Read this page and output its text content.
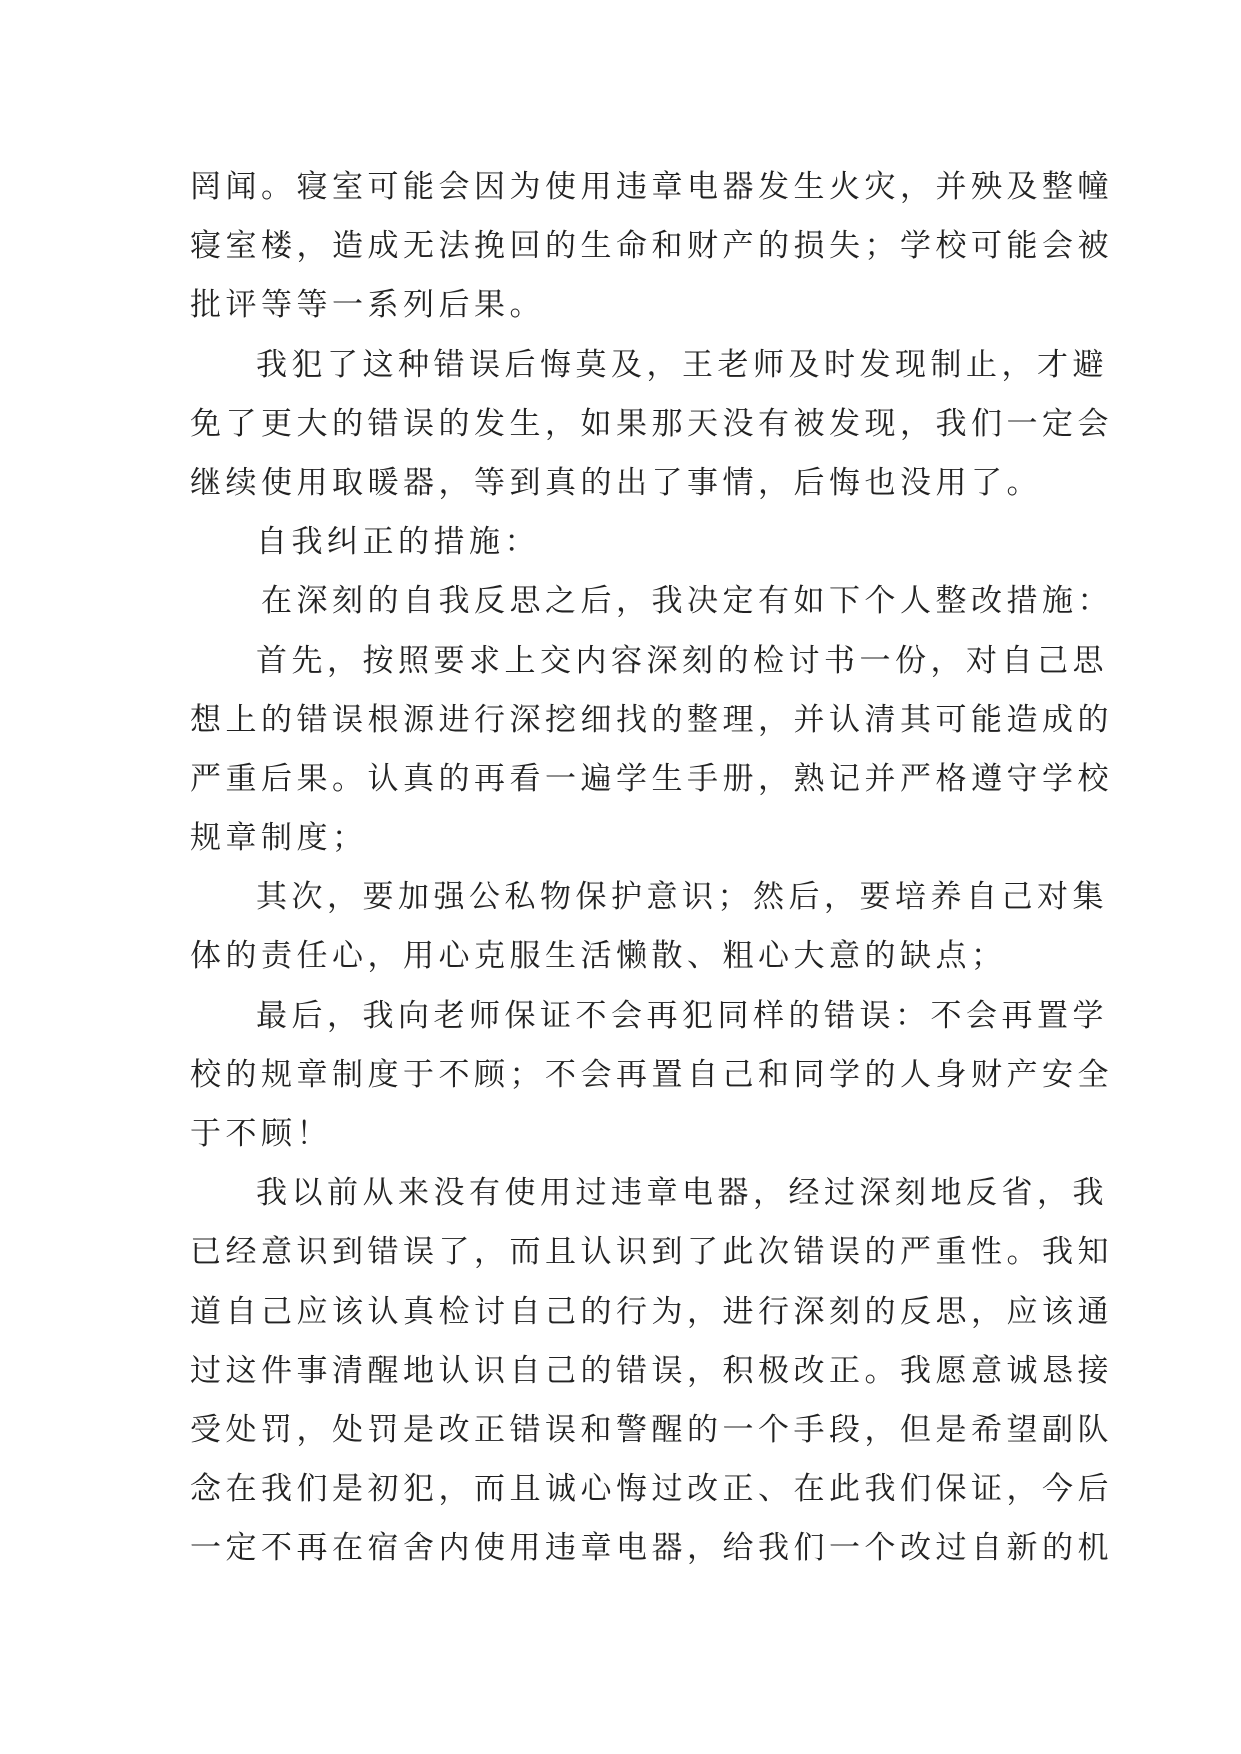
罔闻。寝室可能会因为使用违章电器发生火灾，并殃及整幢
寝室楼，造成无法挽回的生命和财产的损失；学校可能会被
批评等等一系列后果。
我犯了这种错误后悔莫及，王老师及时发现制止，才避
免了更大的错误的发生，如果那天没有被发现，我们一定会
继续使用取暖器，等到真的出了事情，后悔也没用了。
自我纠正的措施：
在深刻的自我反思之后，我决定有如下个人整改措施：
首先，按照要求上交内容深刻的检讨书一份，对自己思
想上的错误根源进行深挖细找的整理，并认清其可能造成的
严重后果。认真的再看一遍学生手册，熟记并严格遵守学校
规章制度；
其次，要加强公私物保护意识；然后，要培养自己对集
体的责任心，用心克服生活懒散、粗心大意的缺点；
最后，我向老师保证不会再犯同样的错误：不会再置学
校的规章制度于不顾；不会再置自己和同学的人身财产安全
于不顾！
我以前从来没有使用过违章电器，经过深刻地反省，我
已经意识到错误了，而且认识到了此次错误的严重性。我知
道自己应该认真检讨自己的行为，进行深刻的反思，应该通
过这件事清醒地认识自己的错误，积极改正。我愿意诚恳接
受处罚，处罚是改正错误和警醒的一个手段，但是希望副队
念在我们是初犯，而且诚心悔过改正、在此我们保证，今后
一定不再在宿舍内使用违章电器，给我们一个改过自新的机
